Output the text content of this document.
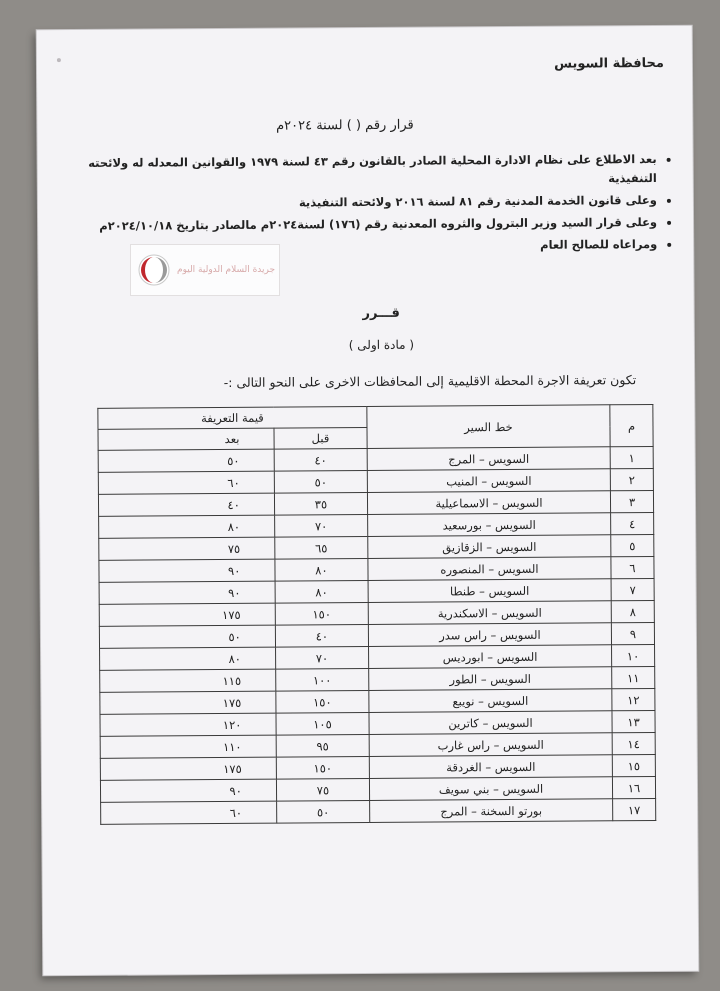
محافظة السويس
قرار رقم ( ) لسنة ٢٠٢٤م
• بعد الاطلاع على نظام الادارة المحلية الصادر بالقانون رقم ٤٣ لسنة ١٩٧٩ والقوانين المعدله له ولائحته التنفيذية
• وعلى قانون الخدمة المدنية رقم ٨١ لسنة ٢٠١٦ ولائحته التنفيذية
• وعلى قرار السيد وزير البترول والثروه المعدنية رقم (١٧٦) لسنة٢٠٢٤م مالصادر بتاريخ ٢٠٢٤/١٠/١٨م
• ومراعاه للصالح العام
قـــرر
( مادة اولى )
تكون تعريفة الاجرة المحطة الاقليمية إلى المحافظات الاخرى على النحو التالى :-
م	خط السير	قيمة التعريفة	
		قبل	بعد
١	السويس – المرج	٤٠	٥٠
٢	السويس – المنيب	٥٠	٦٠
٣	السويس – الاسماعيلية	٣٥	٤٠
٤	السويس – بورسعيد	٧٠	٨٠
٥	السويس – الزقازيق	٦٥	٧٥
٦	السويس – المنصوره	٨٠	٩٠
٧	السويس – طنطا	٨٠	٩٠
٨	السويس – الاسكندرية	١٥٠	١٧٥
٩	السويس – راس سدر	٤٠	٥٠
١٠	السويس – ابورديس	٧٠	٨٠
١١	السويس – الطور	١٠٠	١١٥
١٢	السويس – نويبع	١٥٠	١٧٥
١٣	السويس – كاترين	١٠٥	١٢٠
١٤	السويس – راس غارب	٩٥	١١٠
١٥	السويس – الغردقة	١٥٠	١٧٥
١٦	السويس – بني سويف	٧٥	٩٠
١٧	بورتو السخنة – المرج	٥٠	٦٠
جريدة السلام الدولية اليوم
